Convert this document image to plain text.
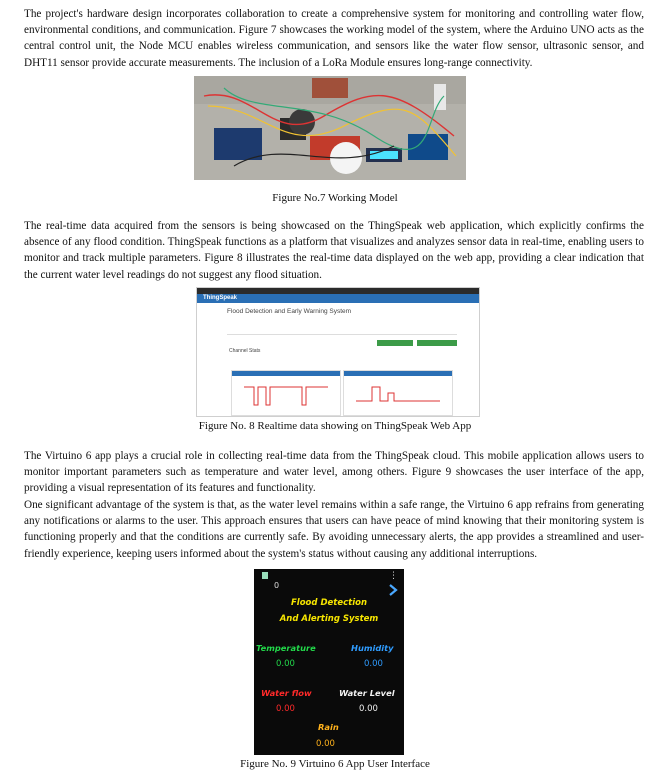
The project's hardware design incorporates collaboration to create a comprehensive system for monitoring and controlling water flow, environmental conditions, and communication. Figure 7 showcases the working model of the system, where the Arduino UNO acts as the central control unit, the Node MCU enables wireless communication, and sensors like the water flow sensor, ultrasonic sensor, and DHT11 sensor provide accurate measurements. The inclusion of a LoRa Module ensures long-range connectivity.

Figure No.7 Working Model

The real-time data acquired from the sensors is being showcased on the ThingSpeak web application, which explicitly confirms the absence of any flood condition. ThingSpeak functions as a platform that visualizes and analyzes sensor data in real-time, enabling users to monitor and track multiple parameters. Figure 8 illustrates the real-time data displayed on the web app, providing a clear indication that the current water level readings do not suggest any flood situation.

ThingSpeak
Flood Detection and Early Warning System
Channel Stats

Figure No. 8 Realtime data showing on ThingSpeak Web App

The Virtuino 6 app plays a crucial role in collecting real-time data from the ThingSpeak cloud. This mobile application allows users to monitor important parameters such as temperature and water level, among others. Figure 9 showcases the user interface of the app, providing a visual representation of its features and functionality.

One significant advantage of the system is that, as the water level remains within a safe range, the Virtuino 6 app refrains from generating any notifications or alarms to the user. This approach ensures that users can have peace of mind knowing that their monitoring system is functioning properly and that the conditions are currently safe. By avoiding unnecessary alerts, the app provides a streamlined and user-friendly experience, keeping users informed about the system's status without causing any additional interruptions.

0
⋮
Flood Detection
And Alerting System
Temperature
0.00
Humidity
0.00
Water flow
0.00
Water Level
0.00
Rain
0.00

Figure No. 9 Virtuino 6 App User Interface
